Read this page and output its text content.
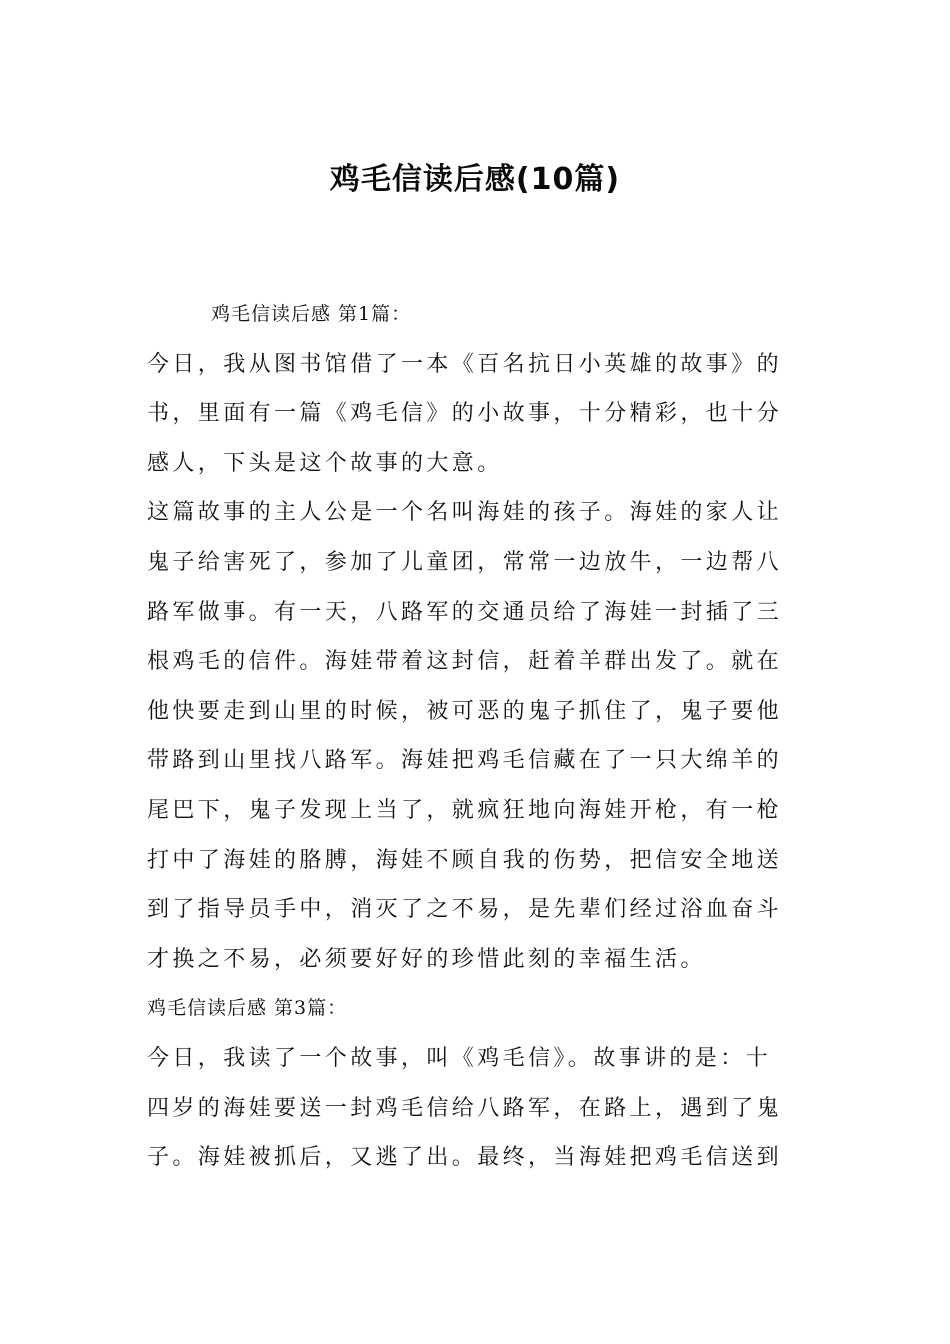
鸡毛信读后感(10篇)
鸡毛信读后感 第1篇：
今日，我从图书馆借了一本《百名抗日小英雄的故事》的
书，里面有一篇《鸡毛信》的小故事，十分精彩，也十分
感人，下头是这个故事的大意。
这篇故事的主人公是一个名叫海娃的孩子。海娃的家人让
鬼子给害死了，参加了儿童团，常常一边放牛，一边帮八
路军做事。有一天，八路军的交通员给了海娃一封插了三
根鸡毛的信件。海娃带着这封信，赶着羊群出发了。就在
他快要走到山里的时候，被可恶的鬼子抓住了，鬼子要他
带路到山里找八路军。海娃把鸡毛信藏在了一只大绵羊的
尾巴下，鬼子发现上当了，就疯狂地向海娃开枪，有一枪
打中了海娃的胳膊，海娃不顾自我的伤势，把信安全地送
到了指导员手中，消灭了之不易，是先辈们经过浴血奋斗
才换之不易，必须要好好的珍惜此刻的幸福生活。
鸡毛信读后感 第3篇：
今日，我读了一个故事，叫《鸡毛信》。故事讲的是：十
四岁的海娃要送一封鸡毛信给八路军，在路上，遇到了鬼
子。海娃被抓后，又逃了出。最终，当海娃把鸡毛信送到
